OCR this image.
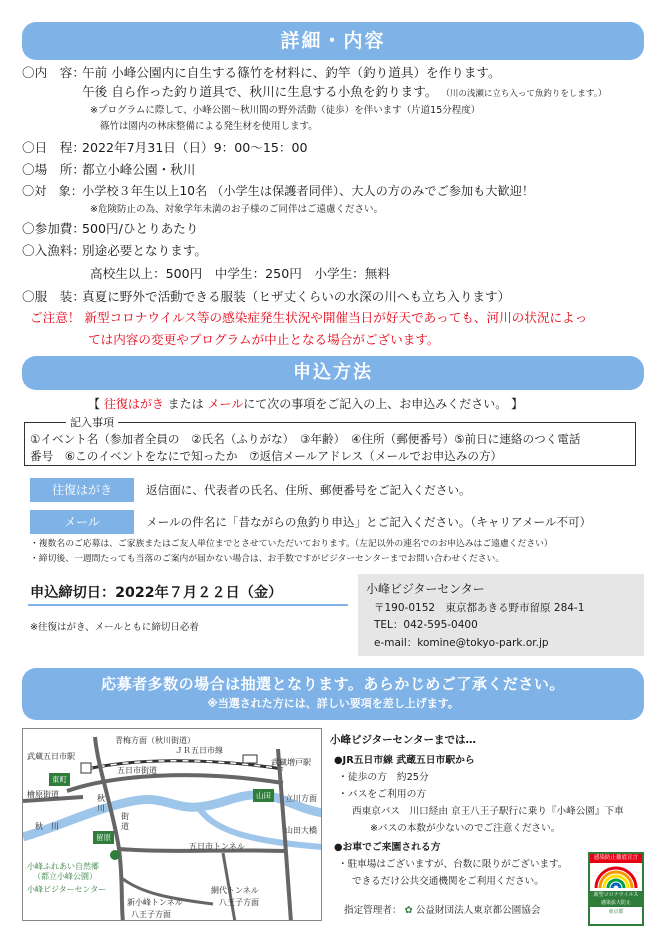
詳細・内容
〇内　容：午前 小峰公園内に自生する篠竹を材料に、釣竿（釣り道具）を作ります。
午後 自ら作った釣り道具で、秋川に生息する小魚を釣ります。 （川の浅瀬に立ち入って魚釣りをします。）
※プログラムに際して、小峰公園～秋川間の野外活動（徒歩）を伴います（片道15分程度）
篠竹は園内の林床整備による発生材を使用します。
〇日　程：2022年7月31日（日）9：00〜15：00
〇場　所：都立小峰公園・秋川
〇対　象：小学校３年生以上10名 （小学生は保護者同伴）、大人の方のみでご参加も大歓迎！
※危険防止の為、対象学年未満のお子様のご同伴はご遠慮ください。
〇参加費：500円/ひとりあたり
〇入漁料：別途必要となります。
高校生以上：500円　中学生：250円　小学生：無料
〇服　装：真夏に野外で活動できる服装（ヒザ丈くらいの水深の川へも立ち入ります）
ご注意！ 新型コロナウイルス等の感染症発生状況や開催当日が好天であっても、河川の状況によっ
ては内容の変更やプログラムが中止となる場合がございます。
申込方法
【 往復はがき または メールにて次の事項をご記入の上、お申込みください。 】
記入事項
①イベント名（参加者全員の　②氏名（ふりがな）　③年齢）　④住所（郵便番号）⑤前日に連絡のつく電話
番号　⑥このイベントをなにで知ったか　⑦返信メールアドレス（メールでお申込みの方）
往復はがき	返信面に、代表者の氏名、住所、郵便番号をご記入ください。
メール	メールの件名に「昔ながらの魚釣り申込」とご記入ください。（キャリアメール不可）
・複数名のご応募は、ご家族またはご友人単位までとさせていただいております。（左記以外の連名でのお申込みはご遠慮ください）
・締切後、一週間たっても当落のご案内が届かない場合は、お手数ですがビジターセンターまでお問い合わせください。
申込締切日：2022年７月２２日（金）
※往復はがき、メールともに締切日必着
小峰ビジターセンター
〒190-0152　東京都あきる野市留原 284-1
TEL：042-595-0400
e-mail：komine@tokyo-park.or.jp
応募者多数の場合は抽選となります。あらかじめご了承ください。
※当選された方には、詳しい要項を差し上げます。
青梅方面（秋川街道）
武蔵五日市駅
ＪＲ五日市線
武蔵増戸駅
五日市街道
東町
檜原街道
秋　川
秋
川
街
道
山田	立川方面
山田大橋
留原
五日市トンネル
小峰ふれあい自然郷
（都立小峰公園）
小峰ビジターセンター	網代トンネル
八王子方面
新小峰トンネル
八王子方面
小峰ビジターセンターまでは…
●JR五日市線 武蔵五日市駅から
・徒歩の方　約25分
・バスをご利用の方
西東京バス　川口経由 京王八王子駅行に乗り『小峰公園』下車
※バスの本数が少ないのでご注意ください。
●お車でご来園される方
・駐車場はございますが、台数に限りがございます。
できるだけ公共交通機関をご利用ください。
指定管理者： ✿ 公益財団法人東京都公園協会
感染防止徹底宣言
新型コロナウイルス
感染拡大防止
東京都
